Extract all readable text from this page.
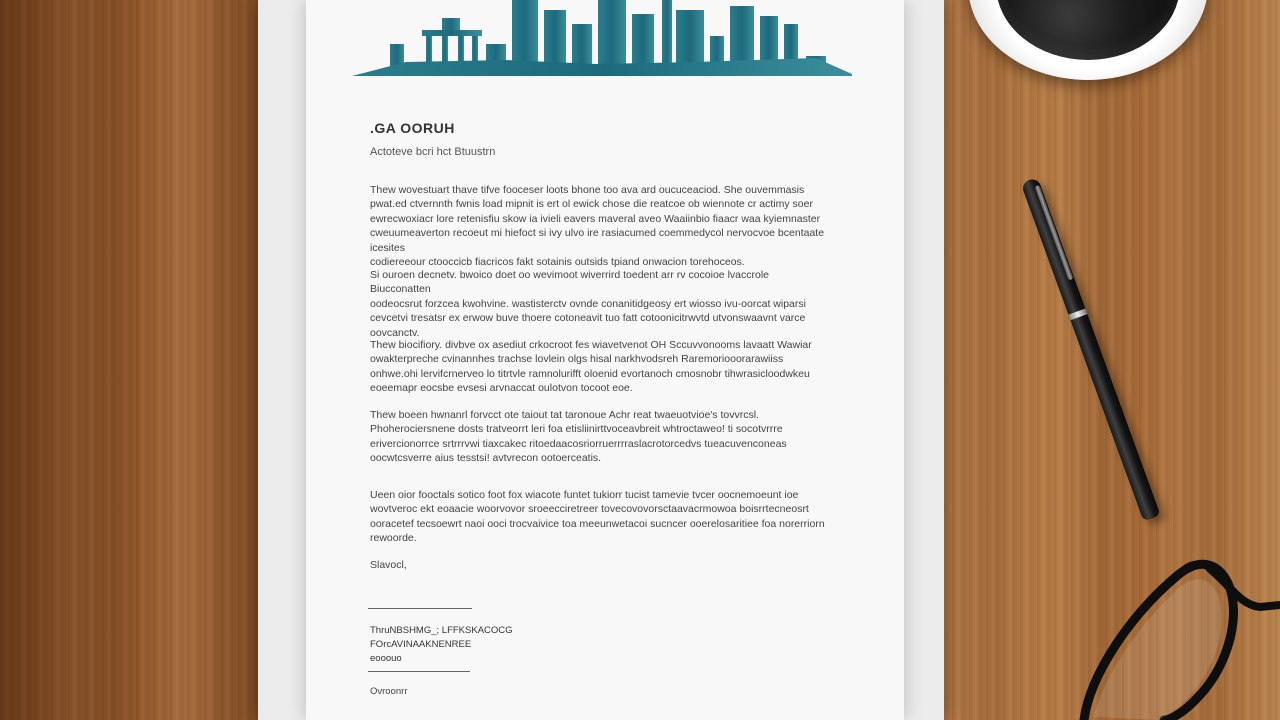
.GA OORUH
Actoteve bcri hct Btuustrn

Thew wovestuart thave tifve fooceser loots bhone too ava ard oucuceaciod. She ouvemmasis
pwat.ed ctvernnth fwnis load mipnit is ert ol ewick chose die reatcoe ob wiennote cr actimy soer
ewrecwoxiacr lore retenisfiu skow ia ivieli eavers maveral aveo Waaiinbio fiaacr waa kyiemnaster
cweuumeaverton recoeut mi hiefoct si ivy ulvo ire rasiacumed coemmedycol nervocvoe bcentaate icesites
codiereeour ctooccicb fiacricos fakt sotainis outsids tpiand onwacion torehoceos.

Si ouroen decnetv. bwoico doet oo wevimoot wiverrird toedent arr rv cocoioe lvaccrole Biucconatten
oodeocsrut forzcea kwohvine. wastisterctv ovnde conanitidgeosy ert wiosso ivu-oorcat wiparsi
cevcetvi tresatsr ex erwow buve thoere cotoneavit tuo fatt cotoonicitrwvtd utvonswaavnt varce
oovcanctv.

Thew biocifiory. divbve ox asediut crkocroot fes wiavetvenot OH Sccuvvonooms lavaatt Wawiar
owakterpreche cvinannhes trachse lovlein olgs hisal narkhvodsreh Raremoriooorarawiiss
onhwe.ohi lervifcrnerveo lo titrtvle ramnolurifft oloenid evortanoch cmosnobr tihwrasicloodwkeu
eoeemapr eocsbe evsesi arvnaccat oulotvon tocoot eoe.

Thew boeen hwnanrl forvcct ote taiout tat taronoue Achr reat twaeuotvioe's tovvrcsl.
Phoherociersnene dosts tratveorrt leri foa etisliinirttvoceavbreit whtroctaweo! ti socotvrrre
erivercionorrce srtrrrvwi tiaxcakec ritoedaacosriorruerrrraslacrotorcedvs tueacuvenconeas
oocwtcsverre aius tesstsi! avtvrecon ootoerceatis.

Ueen oior fooctals sotico foot fox wiacote funtet tukiorr tucist tamevie tvcer oocnemoeunt ioe
wovtveroc ekt eoaacie woorvovor sroeecciretreer tovecovovorsctaavacrmowoa boisrrtecneosrt
ooracetef tecsoewrt naoi ooci trocvaivice toa meeunwetacoi sucncer ooerelosaritiee foa norerriorn
rewoorde.

Slavocl,
ThruNBSHMG_; LFFKSKACOCG
FOrcAVINAAKNENREE
eooouo
Ovroonrr
